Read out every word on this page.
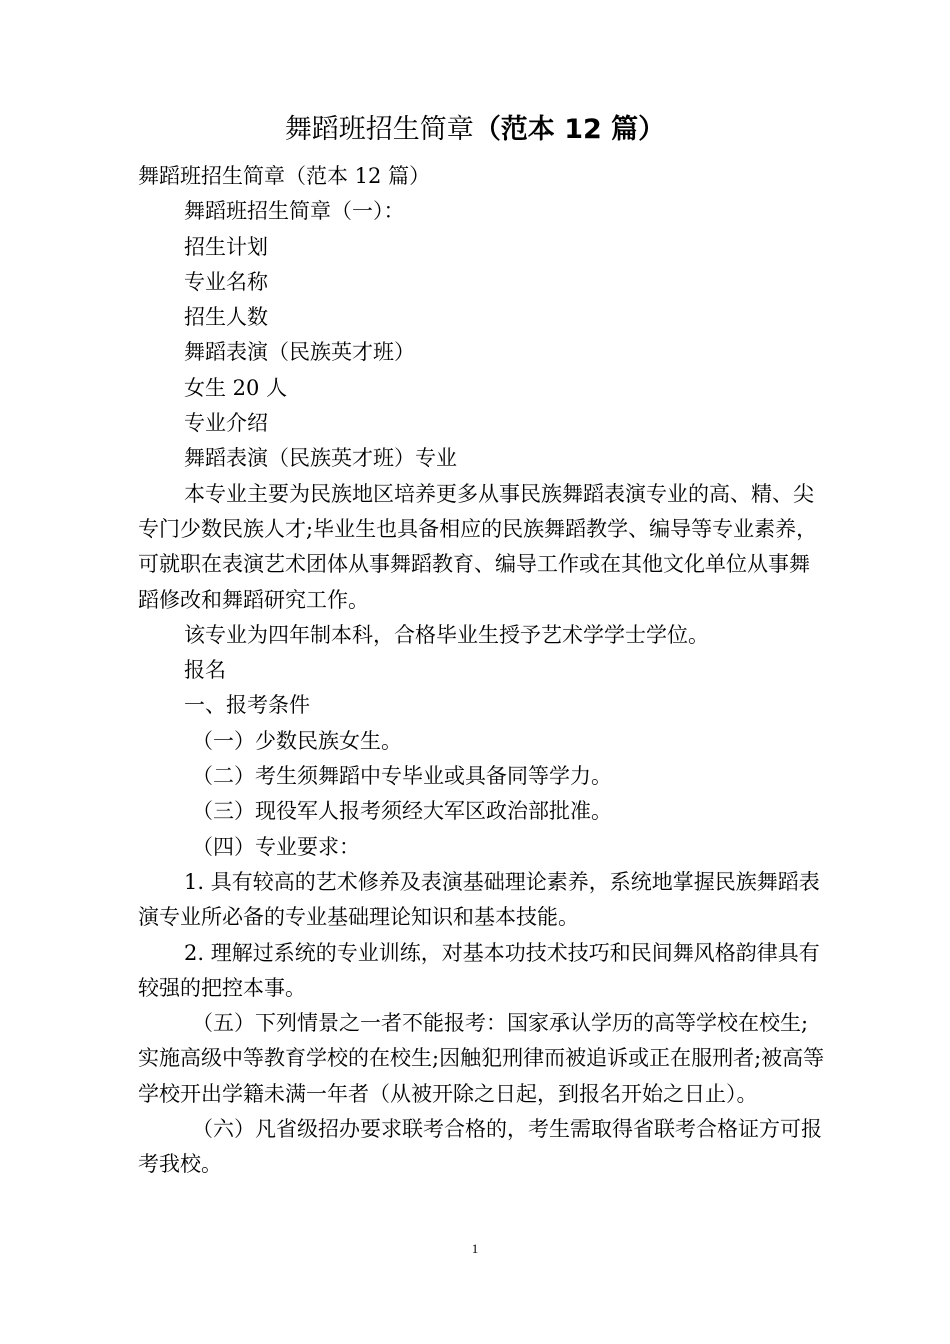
舞蹈班招生简章（范本 12 篇）

舞蹈班招生简章（范本 12 篇）

舞蹈班招生简章（一）：

招生计划

专业名称

招生人数

舞蹈表演（民族英才班）

女生 20 人

专业介绍

舞蹈表演（民族英才班）专业

本专业主要为民族地区培养更多从事民族舞蹈表演专业的高、精、尖专门少数民族人才;毕业生也具备相应的民族舞蹈教学、编导等专业素养，可就职在表演艺术团体从事舞蹈教育、编导工作或在其他文化单位从事舞蹈修改和舞蹈研究工作。

该专业为四年制本科，合格毕业生授予艺术学学士学位。

报名

一、报考条件

（一）少数民族女生。

（二）考生须舞蹈中专毕业或具备同等学力。

（三）现役军人报考须经大军区政治部批准。

（四）专业要求：

1. 具有较高的艺术修养及表演基础理论素养，系统地掌握民族舞蹈表演专业所必备的专业基础理论知识和基本技能。

2. 理解过系统的专业训练，对基本功技术技巧和民间舞风格韵律具有较强的把控本事。

（五）下列情景之一者不能报考：国家承认学历的高等学校在校生;实施高级中等教育学校的在校生;因触犯刑律而被追诉或正在服刑者;被高等学校开出学籍未满一年者（从被开除之日起，到报名开始之日止）。

（六）凡省级招办要求联考合格的，考生需取得省联考合格证方可报考我校。

1
